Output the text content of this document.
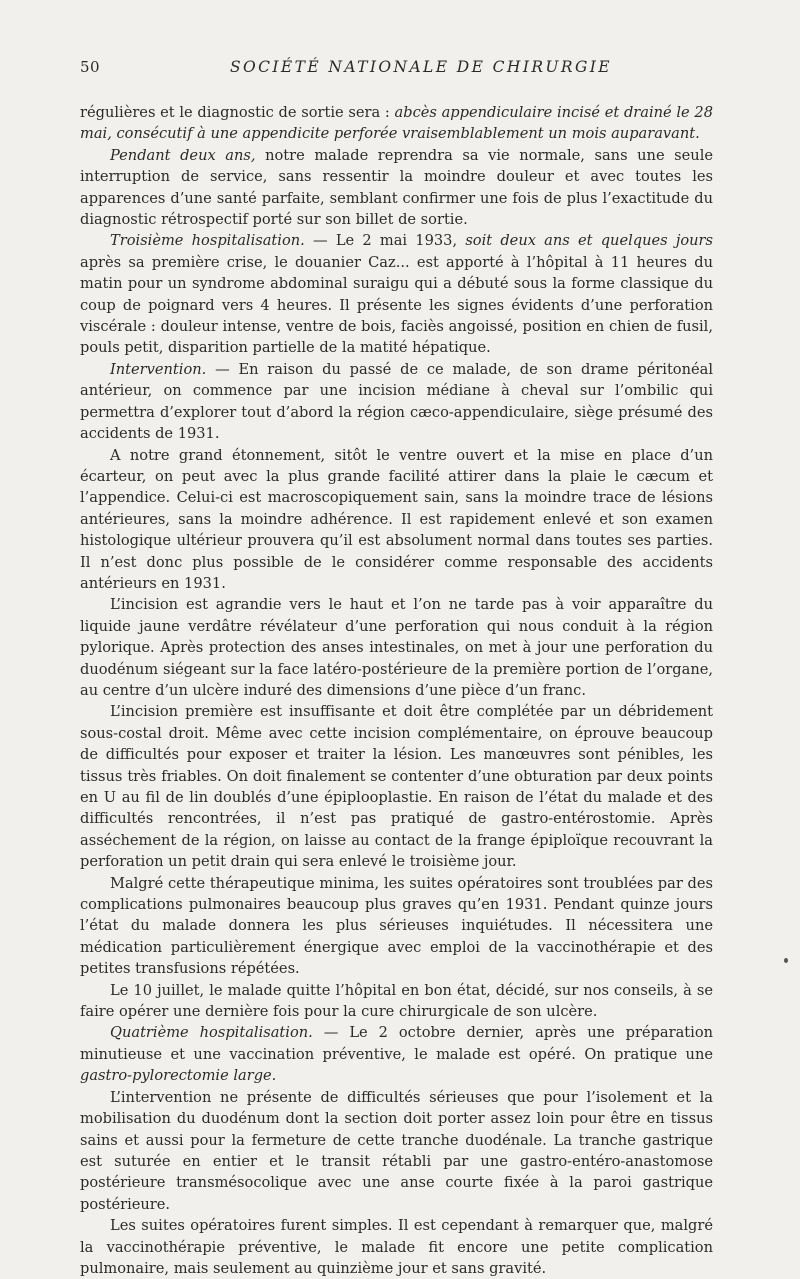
50	SOCIÉTÉ NATIONALE DE CHIRURGIE

régulières et le diagnostic de sortie sera : abcès appendiculaire incisé et drainé le 28 mai, consécutif à une appendicite perforée vraisemblablement un mois auparavant.

Pendant deux ans, notre malade reprendra sa vie normale, sans une seule interruption de service, sans ressentir la moindre douleur et avec toutes les apparences d’une santé parfaite, semblant confirmer une fois de plus l’exactitude du diagnostic rétrospectif porté sur son billet de sortie.

Troisième hospitalisation. — Le 2 mai 1933, soit deux ans et quelques jours après sa première crise, le douanier Caz... est apporté à l’hôpital à 11 heures du matin pour un syndrome abdominal suraigu qui a débuté sous la forme classique du coup de poignard vers 4 heures. Il présente les signes évidents d’une perforation viscérale : douleur intense, ventre de bois, faciès angoissé, position en chien de fusil, pouls petit, disparition partielle de la matité hépatique.

Intervention. — En raison du passé de ce malade, de son drame péritonéal antérieur, on commence par une incision médiane à cheval sur l’ombilic qui permettra d’explorer tout d’abord la région cæco-appendiculaire, siège présumé des accidents de 1931.

A notre grand étonnement, sitôt le ventre ouvert et la mise en place d’un écarteur, on peut avec la plus grande facilité attirer dans la plaie le cæcum et l’appendice. Celui-ci est macroscopiquement sain, sans la moindre trace de lésions antérieures, sans la moindre adhérence. Il est rapidement enlevé et son examen histologique ultérieur prouvera qu’il est absolument normal dans toutes ses parties. Il n’est donc plus possible de le considérer comme responsable des accidents antérieurs en 1931.

L’incision est agrandie vers le haut et l’on ne tarde pas à voir apparaître du liquide jaune verdâtre révélateur d’une perforation qui nous conduit à la région pylorique. Après protection des anses intestinales, on met à jour une perforation du duodénum siégeant sur la face latéro-postérieure de la première portion de l’organe, au centre d’un ulcère induré des dimensions d’une pièce d’un franc.

L’incision première est insuffisante et doit être complétée par un débridement sous-costal droit. Même avec cette incision complémentaire, on éprouve beaucoup de difficultés pour exposer et traiter la lésion. Les manœuvres sont pénibles, les tissus très friables. On doit finalement se contenter d’une obturation par deux points en U au fil de lin doublés d’une épiplooplastie. En raison de l’état du malade et des difficultés rencontrées, il n’est pas pratiqué de gastro-entérostomie. Après asséchement de la région, on laisse au contact de la frange épiploïque recouvrant la perforation un petit drain qui sera enlevé le troisième jour.

Malgré cette thérapeutique minima, les suites opératoires sont troublées par des complications pulmonaires beaucoup plus graves qu’en 1931. Pendant quinze jours l’état du malade donnera les plus sérieuses inquiétudes. Il nécessitera une médication particulièrement énergique avec emploi de la vaccinothérapie et des petites transfusions répétées.

Le 10 juillet, le malade quitte l’hôpital en bon état, décidé, sur nos conseils, à se faire opérer une dernière fois pour la cure chirurgicale de son ulcère.

Quatrième hospitalisation. — Le 2 octobre dernier, après une préparation minutieuse et une vaccination préventive, le malade est opéré. On pratique une gastro-pylorectomie large.

L’intervention ne présente de difficultés sérieuses que pour l’isolement et la mobilisation du duodénum dont la section doit porter assez loin pour être en tissus sains et aussi pour la fermeture de cette tranche duodénale. La tranche gastrique est suturée en entier et le transit rétabli par une gastro-entéro-anastomose postérieure transmésocolique avec une anse courte fixée à la paroi gastrique postérieure.

Les suites opératoires furent simples. Il est cependant à remarquer que, malgré la vaccinothérapie préventive, le malade fit encore une petite complication pulmonaire, mais seulement au quinzième jour et sans gravité.
